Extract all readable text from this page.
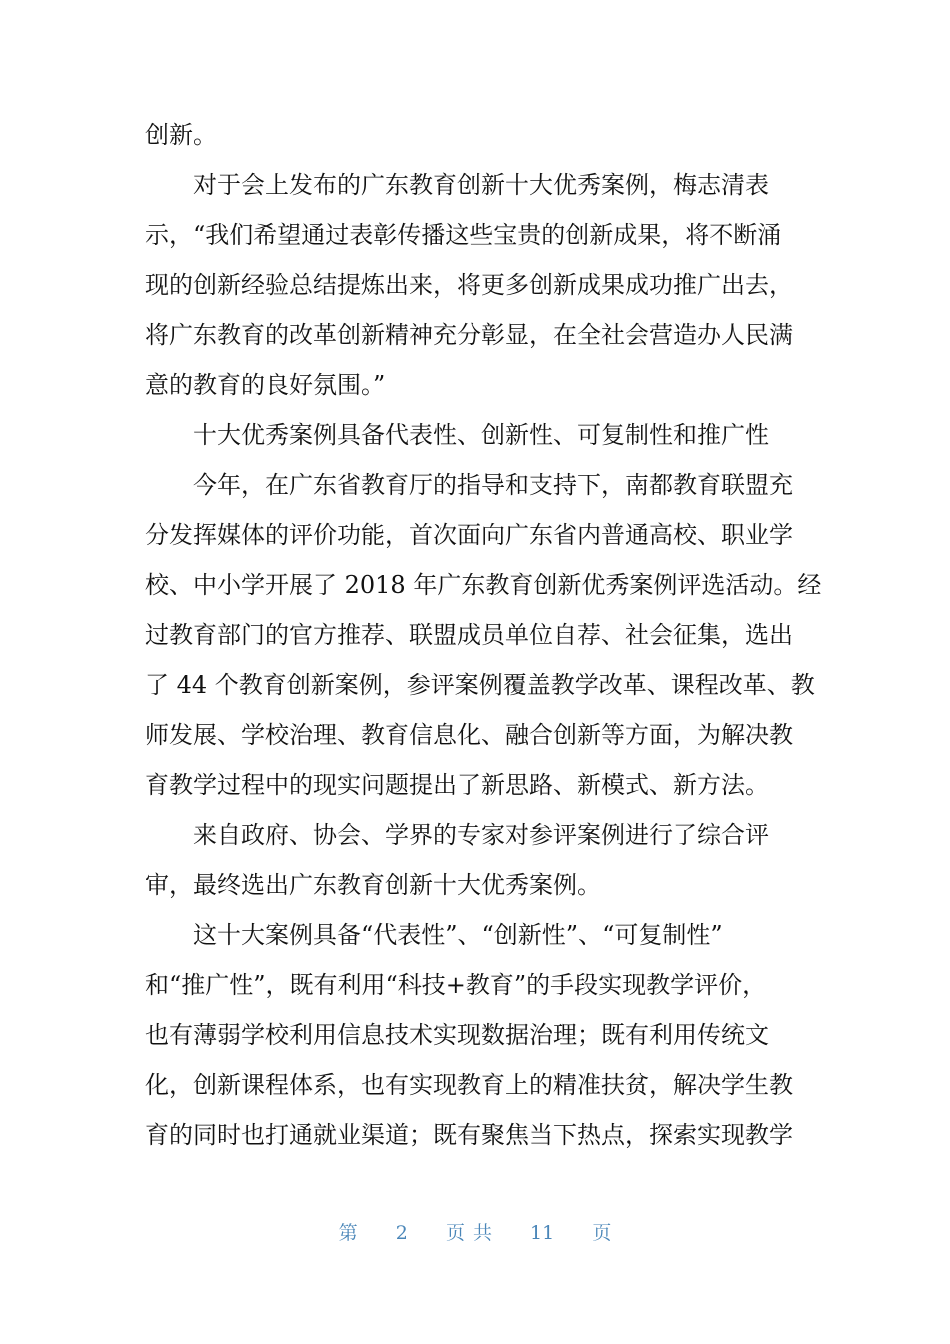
创新。
对于会上发布的广东教育创新十大优秀案例，梅志清表
示，“我们希望通过表彰传播这些宝贵的创新成果，将不断涌
现的创新经验总结提炼出来，将更多创新成果成功推广出去，
将广东教育的改革创新精神充分彰显，在全社会营造办人民满
意的教育的良好氛围。”
十大优秀案例具备代表性、创新性、可复制性和推广性
今年，在广东省教育厅的指导和支持下，南都教育联盟充
分发挥媒体的评价功能，首次面向广东省内普通高校、职业学
校、中小学开展了 2018 年广东教育创新优秀案例评选活动。经
过教育部门的官方推荐、联盟成员单位自荐、社会征集，选出
了 44 个教育创新案例，参评案例覆盖教学改革、课程改革、教
师发展、学校治理、教育信息化、融合创新等方面，为解决教
育教学过程中的现实问题提出了新思路、新模式、新方法。
来自政府、协会、学界的专家对参评案例进行了综合评
审，最终选出广东教育创新十大优秀案例。
这十大案例具备“代表性”、“创新性”、“可复制性”
和“推广性”，既有利用“科技+教育”的手段实现教学评价，
也有薄弱学校利用信息技术实现数据治理；既有利用传统文
化，创新课程体系，也有实现教育上的精准扶贫，解决学生教
育的同时也打通就业渠道；既有聚焦当下热点，探索实现教学
第 2 页共 11 页
